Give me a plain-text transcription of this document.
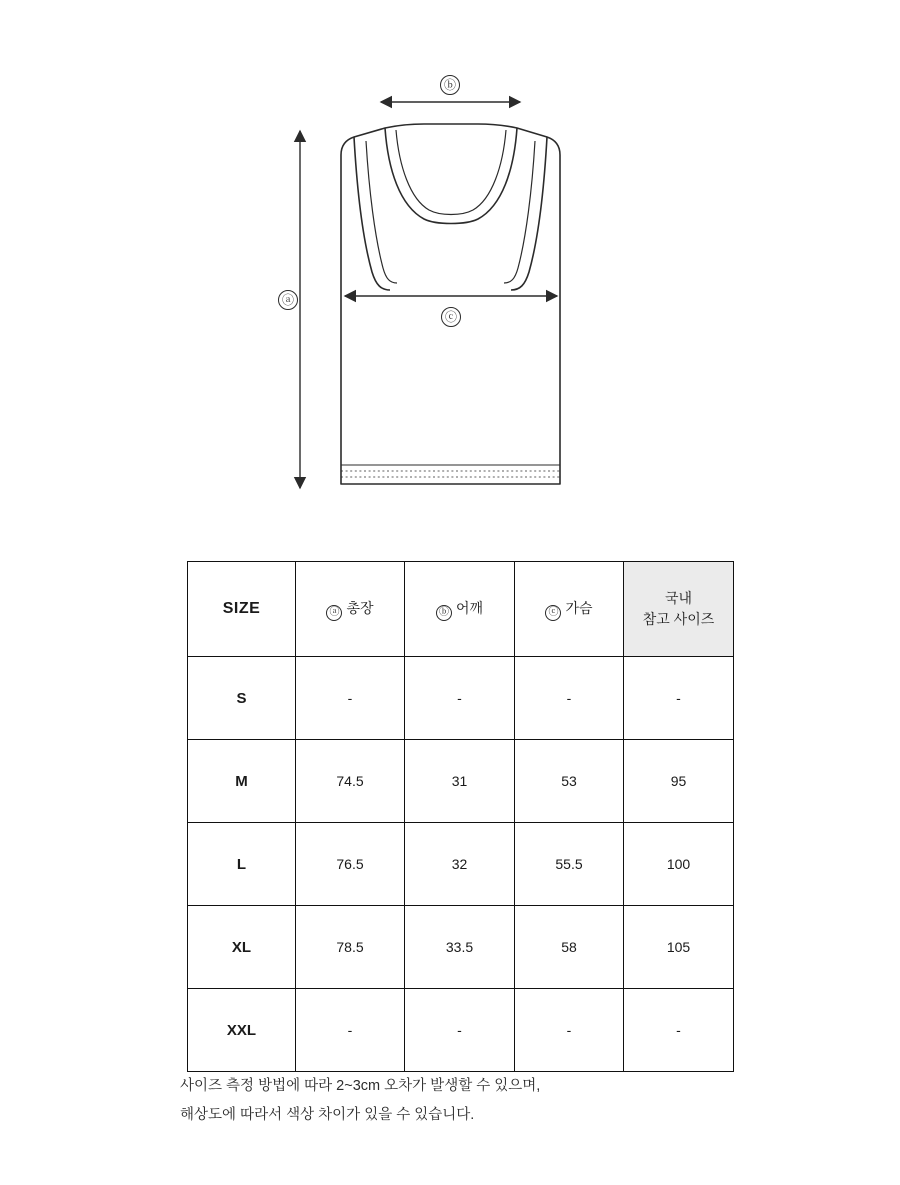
ⓑ
ⓐ
ⓒ
SIZE	ⓐ 총장	ⓑ 어깨	ⓒ 가슴	국내
참고 사이즈

S	-	-	-	-
M	74.5	31	53	95
L	76.5	32	55.5	100
XL	78.5	33.5	58	105
XXL	-	-	-	-
사이즈 측정 방법에 따라 2~3cm 오차가 발생할 수 있으며,
해상도에 따라서 색상 차이가 있을 수 있습니다.
